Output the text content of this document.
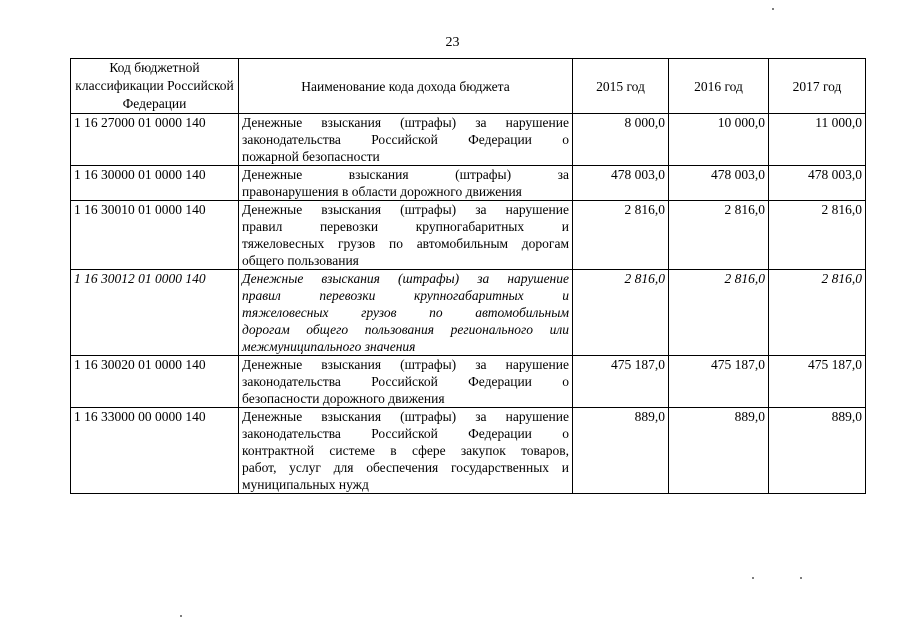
23
Код бюджетной классификации Российской Федерации	Наименование кода дохода бюджета	2015 год	2016 год	2017 год
1 16 27000 01 0000 140	Денежные взыскания (штрафы) за нарушение
законодательства Российской Федерации о
пожарной безопасности	8 000,0	10 000,0	11 000,0
1 16 30000 01 0000 140	Денежные взыскания (штрафы) за
правонарушения в области дорожного движения	478 003,0	478 003,0	478 003,0
1 16 30010 01 0000 140	Денежные взыскания (штрафы) за нарушение
правил перевозки крупногабаритных и
тяжеловесных грузов по автомобильным дорогам
общего пользования	2 816,0	2 816,0	2 816,0
1 16 30012 01 0000 140	Денежные взыскания (штрафы) за нарушение
правил перевозки крупногабаритных и
тяжеловесных грузов по автомобильным
дорогам общего пользования регионального или
межмуниципального значения	2 816,0	2 816,0	2 816,0
1 16 30020 01 0000 140	Денежные взыскания (штрафы) за нарушение
законодательства Российской Федерации о
безопасности дорожного движения	475 187,0	475 187,0	475 187,0
1 16 33000 00 0000 140	Денежные взыскания (штрафы) за нарушение
законодательства Российской Федерации о
контрактной системе в сфере закупок товаров,
работ, услуг для обеспечения государственных и
муниципальных нужд	889,0	889,0	889,0
